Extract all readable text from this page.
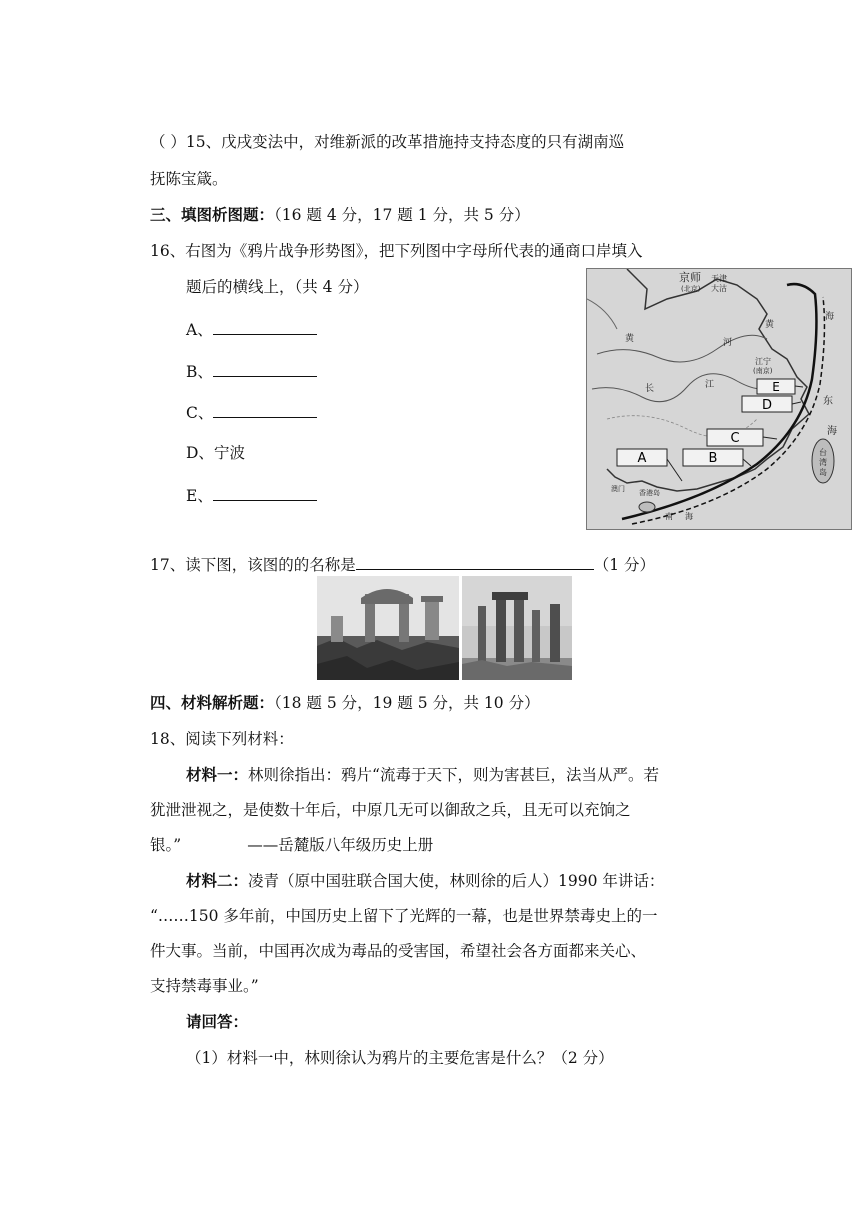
（ ）15、戊戌变法中，对维新派的改革措施持支持态度的只有湖南巡
抚陈宝箴。
三、填图析图题：（16 题 4 分，17 题 1 分，共 5 分）
16、右图为《鸦片战争形势图》，把下列图中字母所代表的通商口岸填入
题后的横线上，（共 4 分）
A、
B、
C、
D、宁波
E、
A	B
C
D
E
京师
(北京)
天津
大沽
黄
海
东
海
黄	河
长	江
江宁
(南京)
澳门 香港岛
南 海
台
湾
岛
17、读下图，该图的的名称是	（1 分）
四、材料解析题：（18 题 5 分，19 题 5 分，共 10 分）
18、阅读下列材料：
材料一：林则徐指出：鸦片“流毒于天下，则为害甚巨，法当从严。若
犹泄泄视之，是使数十年后，中原几无可以御敌之兵，且无可以充饷之
银。”	——岳麓版八年级历史上册
材料二：凌青（原中国驻联合国大使，林则徐的后人）1990 年讲话：
“……150 多年前，中国历史上留下了光辉的一幕，也是世界禁毒史上的一
件大事。当前，中国再次成为毒品的受害国，希望社会各方面都来关心、
支持禁毒事业。”
请回答：
（1）材料一中，林则徐认为鸦片的主要危害是什么？（2 分）
